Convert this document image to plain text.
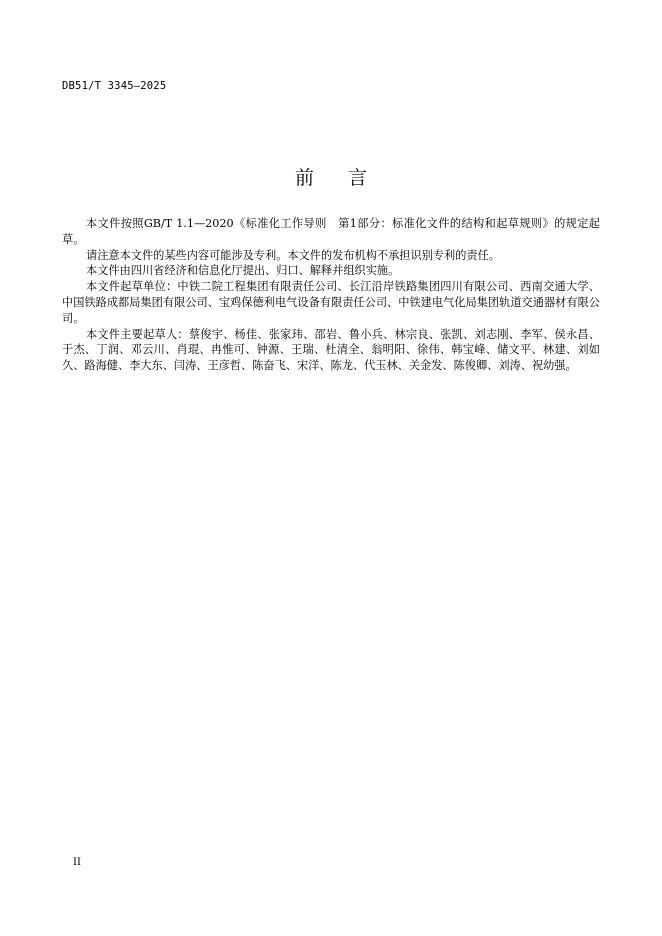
DB51/T 3345—2025
前 言

本文件按照GB/T 1.1—2020《标准化工作导则　第1部分：标准化文件的结构和起草规则》的规定起草。

请注意本文件的某些内容可能涉及专利。本文件的发布机构不承担识别专利的责任。

本文件由四川省经济和信息化厅提出、归口、解释并组织实施。

本文件起草单位：中铁二院工程集团有限责任公司、长江沿岸铁路集团四川有限公司、西南交通大学、中国铁路成都局集团有限公司、宝鸡保德利电气设备有限责任公司、中铁建电气化局集团轨道交通器材有限公司。

本文件主要起草人：蔡俊宇、杨佳、张家玮、邵岩、鲁小兵、林宗良、张凯、刘志刚、李军、侯永昌、于杰、丁润、邓云川、肖琨、冉惟可、钟源、王瑞、杜清全、翁明阳、徐伟、韩宝峰、储文平、林建、刘如久、路海健、李大东、闫涛、王彦哲、陈奋飞、宋洋、陈龙、代玉林、关金发、陈俊卿、刘涛、祝幼强。

II
